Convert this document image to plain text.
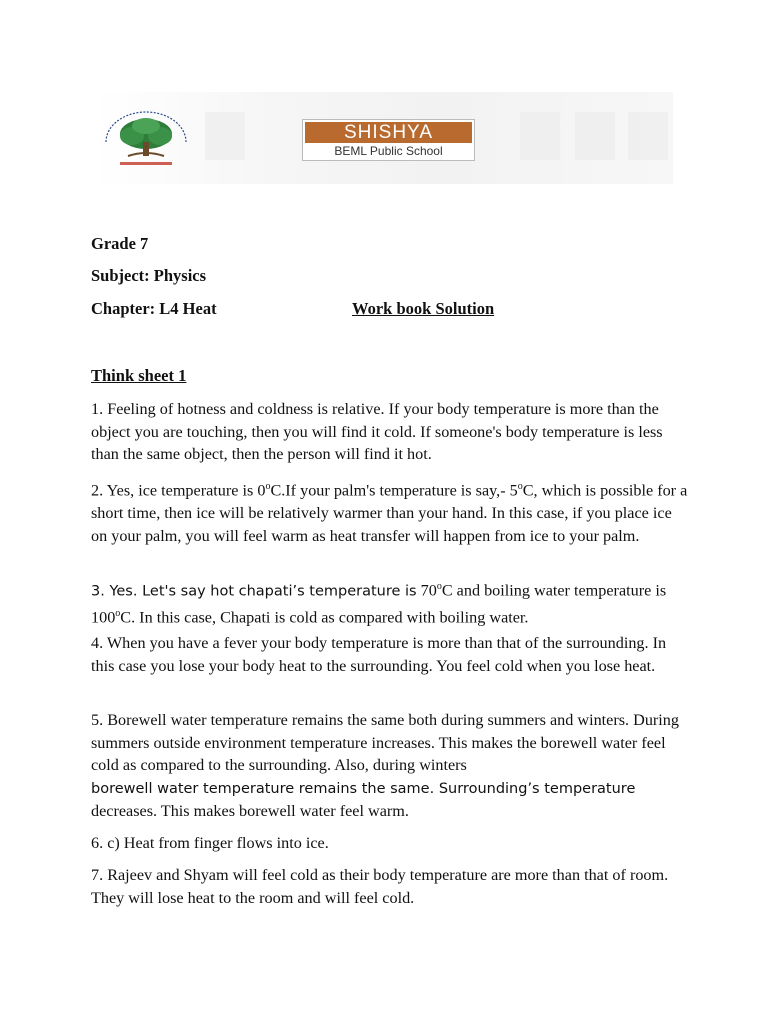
SHISHYA
BEML Public School
Grade 7
Subject: Physics
Chapter: L4 Heat	Work book Solution
Think sheet 1

1. Feeling of hotness and coldness is relative. If your body temperature is more than the object you are touching, then you will find it cold. If someone's body temperature is less than the same object, then the person will find it hot.

2. Yes, ice temperature is 0$^o$C.If your palm's temperature is say,- 5$^o$C, which is possible for a short time, then ice will be relatively warmer than your hand. In this case, if you place ice on your palm, you will feel warm as heat transfer will happen from ice to your palm.

3. Yes. Let's say hot chapati’s temperature is 70$^o$C and boiling water temperature is 100$^o$C. In this case, Chapati is cold as compared with boiling water.

4. When you have a fever your body temperature is more than that of the surrounding. In this case you lose your body heat to the surrounding. You feel cold when you lose heat.

5. Borewell water temperature remains the same both during summers and winters. During summers outside environment temperature increases. This makes the borewell water feel cold as compared to the surrounding. Also, during winters
borewell water temperature remains the same. Surrounding’s temperature
decreases. This makes borewell water feel warm.

6. c) Heat from finger flows into ice.

7. Rajeev and Shyam will feel cold as their body temperature are more than that of room. They will lose heat to the room and will feel cold.
